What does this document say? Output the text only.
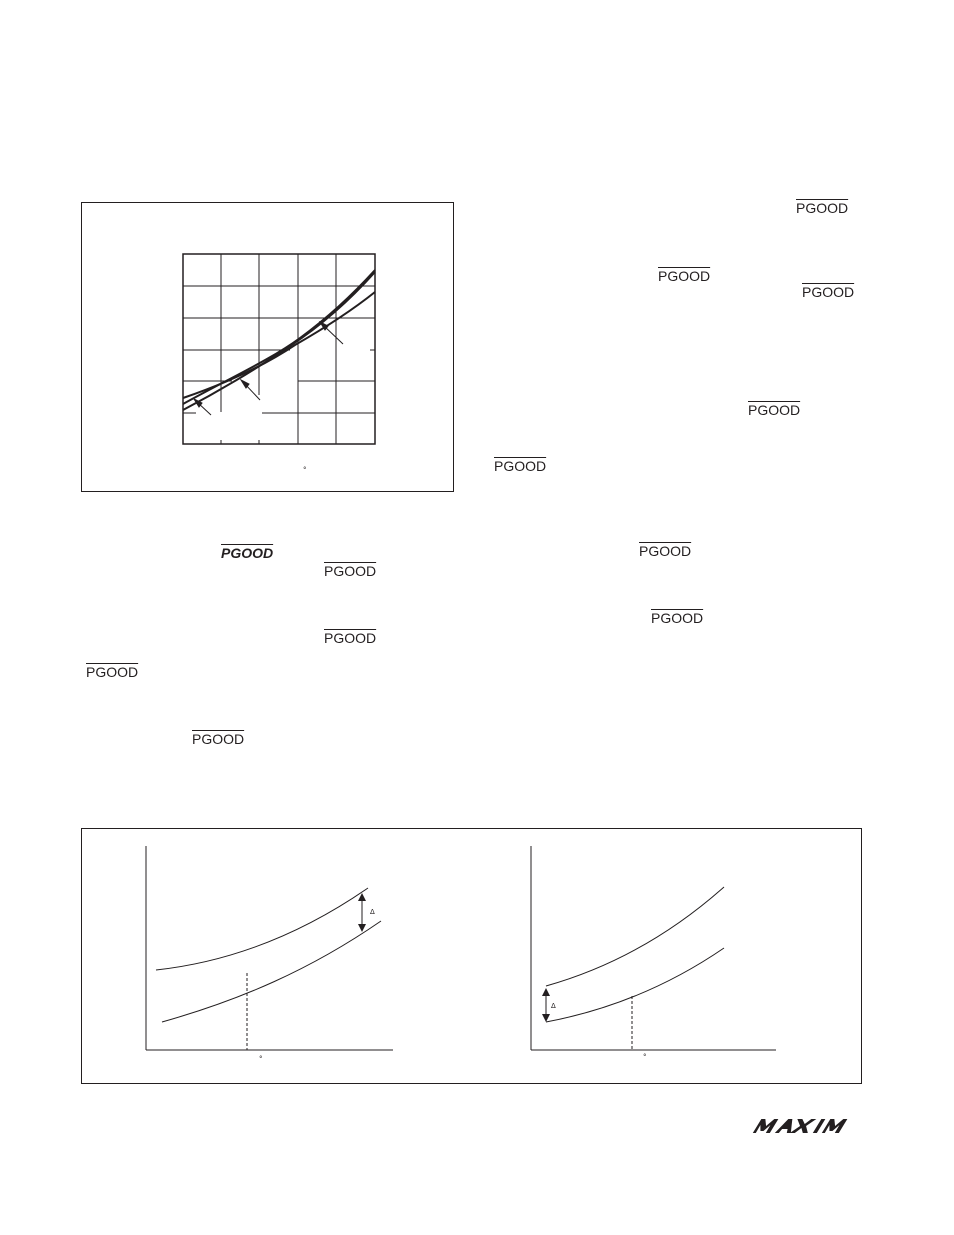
°
PGOOD
PGOOD
PGOOD
PGOOD
PGOOD
PGOOD
PGOOD
PGOOD
PGOOD
PGOOD
PGOOD
PGOOD
Δ
°
Δ
°
